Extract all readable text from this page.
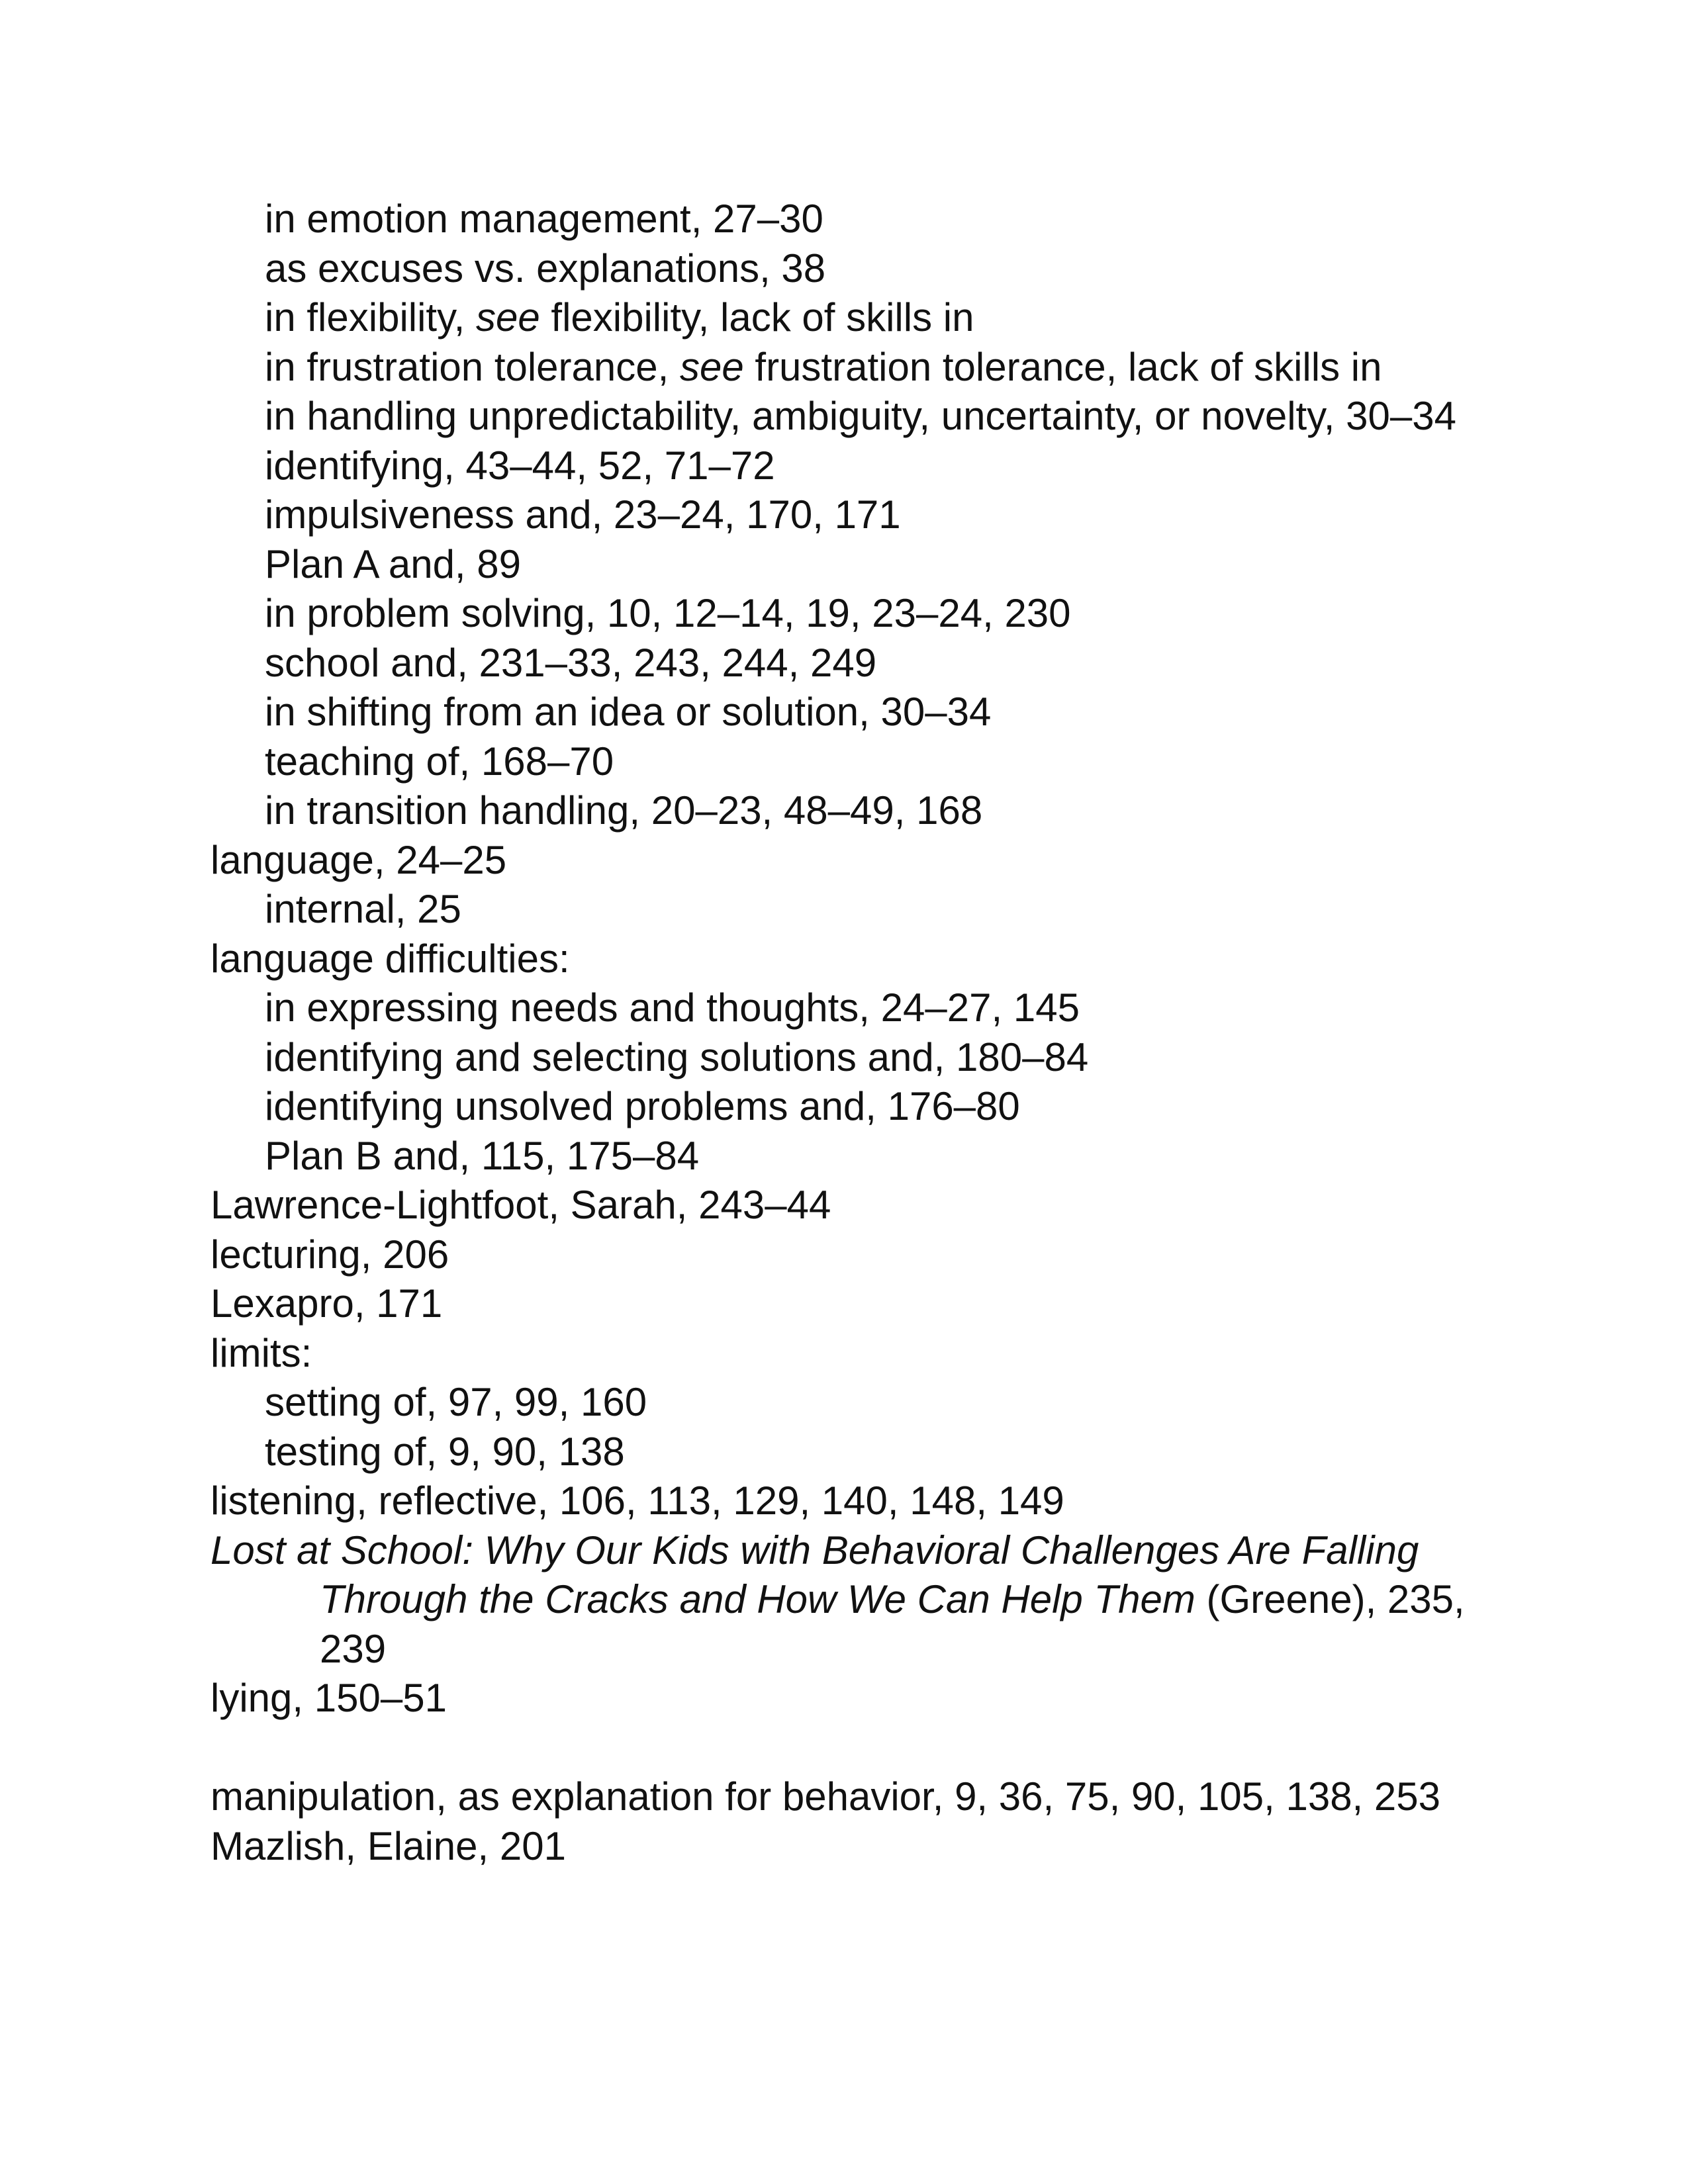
in emotion management, 27–30
as excuses vs. explanations, 38
in flexibility, see flexibility, lack of skills in
in frustration tolerance, see frustration tolerance, lack of skills in
in handling unpredictability, ambiguity, uncertainty, or novelty, 30–34
identifying, 43–44, 52, 71–72
impulsiveness and, 23–24, 170, 171
Plan A and, 89
in problem solving, 10, 12–14, 19, 23–24, 230
school and, 231–33, 243, 244, 249
in shifting from an idea or solution, 30–34
teaching of, 168–70
in transition handling, 20–23, 48–49, 168
language, 24–25
internal, 25
language difficulties:
in expressing needs and thoughts, 24–27, 145
identifying and selecting solutions and, 180–84
identifying unsolved problems and, 176–80
Plan B and, 115, 175–84
Lawrence-Lightfoot, Sarah, 243–44
lecturing, 206
Lexapro, 171
limits:
setting of, 97, 99, 160
testing of, 9, 90, 138
listening, reflective, 106, 113, 129, 140, 148, 149
Lost at School: Why Our Kids with Behavioral Challenges Are Falling Through the Cracks and How We Can Help Them (Greene), 235, 239
lying, 150–51
manipulation, as explanation for behavior, 9, 36, 75, 90, 105, 138, 253
Mazlish, Elaine, 201
